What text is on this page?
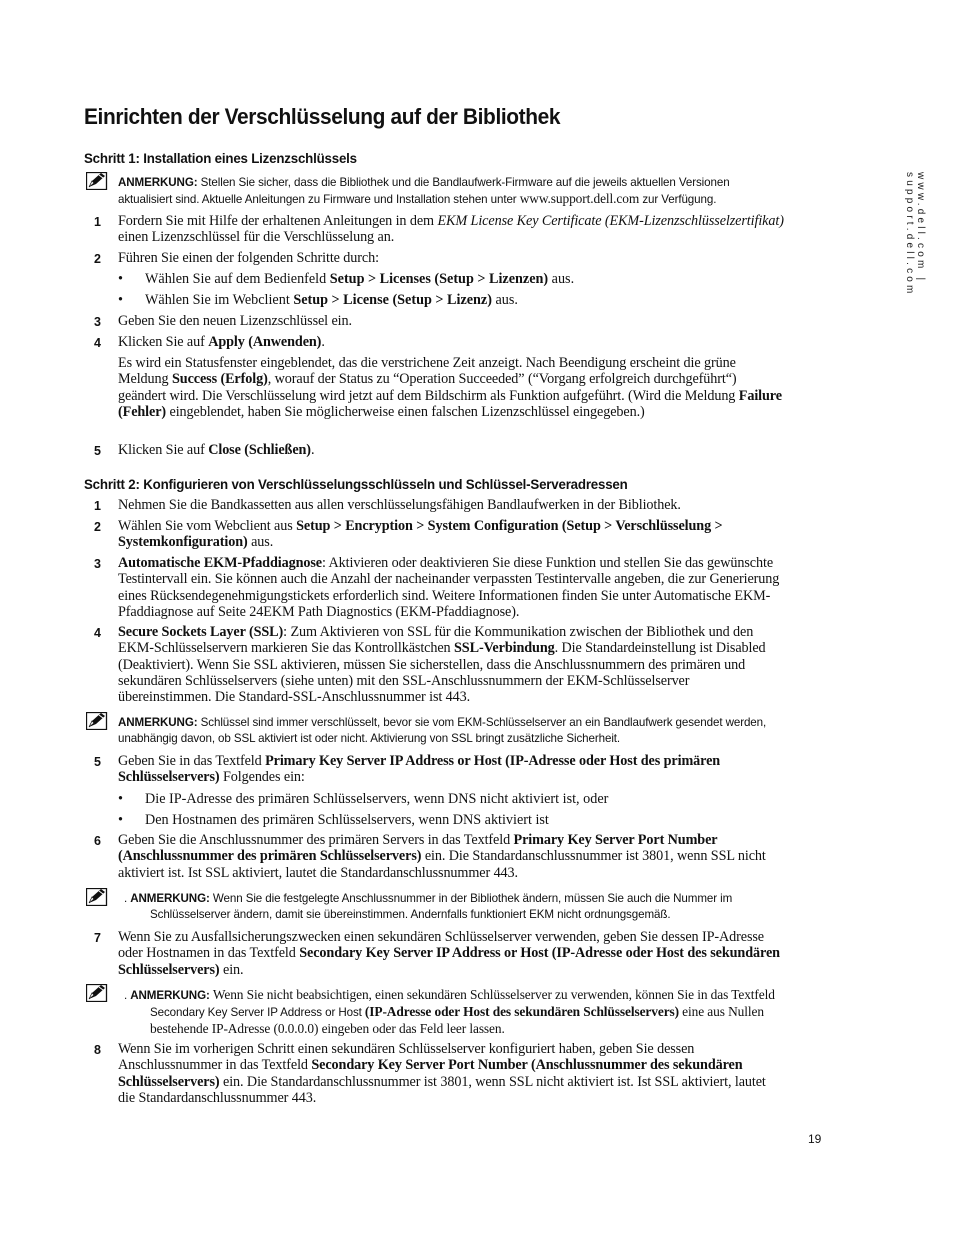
www.dell.com | support.dell.com
Einrichten der Verschlüsselung auf der Bibliothek
Schritt 1: Installation eines Lizenzschlüssels
ANMERKUNG: Stellen Sie sicher, dass die Bibliothek und die Bandlaufwerk-Firmware auf die jeweils aktuellen Versionen aktualisiert sind. Aktuelle Anleitungen zu Firmware und Installation stehen unter www.support.dell.com zur Verfügung.
1 Fordern Sie mit Hilfe der erhaltenen Anleitungen in dem EKM License Key Certificate (EKM-Lizenzschlüsselzertifikat) einen Lizenzschlüssel für die Verschlüsselung an.
2 Führen Sie einen der folgenden Schritte durch:
• Wählen Sie auf dem Bedienfeld Setup > Licenses (Setup > Lizenzen) aus.
• Wählen Sie im Webclient Setup > License (Setup > Lizenz) aus.
3 Geben Sie den neuen Lizenzschlüssel ein.
4 Klicken Sie auf Apply (Anwenden).
Es wird ein Statusfenster eingeblendet, das die verstrichene Zeit anzeigt. Nach Beendigung erscheint die grüne Meldung Success (Erfolg), worauf der Status zu “Operation Succeeded” (“Vorgang erfolgreich durchgeführt“) geändert wird. Die Verschlüsselung wird jetzt auf dem Bildschirm als Funktion aufgeführt. (Wird die Meldung Failure (Fehler) eingeblendet, haben Sie möglicherweise einen falschen Lizenzschlüssel eingegeben.)
5 Klicken Sie auf Close (Schließen).
Schritt 2: Konfigurieren von Verschlüsselungsschlüsseln und Schlüssel-Serveradressen
1 Nehmen Sie die Bandkassetten aus allen verschlüsselungsfähigen Bandlaufwerken in der Bibliothek.
2 Wählen Sie vom Webclient aus Setup > Encryption > System Configuration (Setup > Verschlüsselung > Systemkonfiguration) aus.
3 Automatische EKM-Pfaddiagnose: Aktivieren oder deaktivieren Sie diese Funktion und stellen Sie das gewünschte Testintervall ein. Sie können auch die Anzahl der nacheinander verpassten Testintervalle angeben, die zur Generierung eines Rücksendegenehmigungstickets erforderlich sind. Weitere Informationen finden Sie unter Automatische EKM-Pfaddiagnose auf Seite 24EKM Path Diagnostics (EKM-Pfaddiagnose).
4 Secure Sockets Layer (SSL): Zum Aktivieren von SSL für die Kommunikation zwischen der Bibliothek und den EKM-Schlüsselservern markieren Sie das Kontrollkästchen SSL-Verbindung. Die Standardeinstellung ist Disabled (Deaktiviert). Wenn Sie SSL aktivieren, müssen Sie sicherstellen, dass die Anschlussnummern des primären und sekundären Schlüsselservers (siehe unten) mit den SSL-Anschlussnummern der EKM-Schlüsselserver übereinstimmen. Die Standard-SSL-Anschlussnummer ist 443.
ANMERKUNG: Schlüssel sind immer verschlüsselt, bevor sie vom EKM-Schlüsselserver an ein Bandlaufwerk gesendet werden, unabhängig davon, ob SSL aktiviert ist oder nicht. Aktivierung von SSL bringt zusätzliche Sicherheit.
5 Geben Sie in das Textfeld Primary Key Server IP Address or Host (IP-Adresse oder Host des primären Schlüsselservers) Folgendes ein:
• Die IP-Adresse des primären Schlüsselservers, wenn DNS nicht aktiviert ist, oder
• Den Hostnamen des primären Schlüsselservers, wenn DNS aktiviert ist
6 Geben Sie die Anschlussnummer des primären Servers in das Textfeld Primary Key Server Port Number (Anschlussnummer des primären Schlüsselservers) ein. Die Standardanschlussnummer ist 3801, wenn SSL nicht aktiviert ist. Ist SSL aktiviert, lautet die Standardanschlussnummer 443.
. ANMERKUNG: Wenn Sie die festgelegte Anschlussnummer in der Bibliothek ändern, müssen Sie auch die Nummer im Schlüsselserver ändern, damit sie übereinstimmen. Andernfalls funktioniert EKM nicht ordnungsgemäß.
7 Wenn Sie zu Ausfallsicherungszwecken einen sekundären Schlüsselserver verwenden, geben Sie dessen IP-Adresse oder Hostnamen in das Textfeld Secondary Key Server IP Address or Host (IP-Adresse oder Host des sekundären Schlüsselservers) ein.
. ANMERKUNG: Wenn Sie nicht beabsichtigen, einen sekundären Schlüsselserver zu verwenden, können Sie in das Textfeld Secondary Key Server IP Address or Host (IP-Adresse oder Host des sekundären Schlüsselservers) eine aus Nullen bestehende IP-Adresse (0.0.0.0) eingeben oder das Feld leer lassen.
8 Wenn Sie im vorherigen Schritt einen sekundären Schlüsselserver konfiguriert haben, geben Sie dessen Anschlussnummer in das Textfeld Secondary Key Server Port Number (Anschlussnummer des sekundären Schlüsselservers) ein. Die Standardanschlussnummer ist 3801, wenn SSL nicht aktiviert ist. Ist SSL aktiviert, lautet die Standardanschlussnummer 443.
19
